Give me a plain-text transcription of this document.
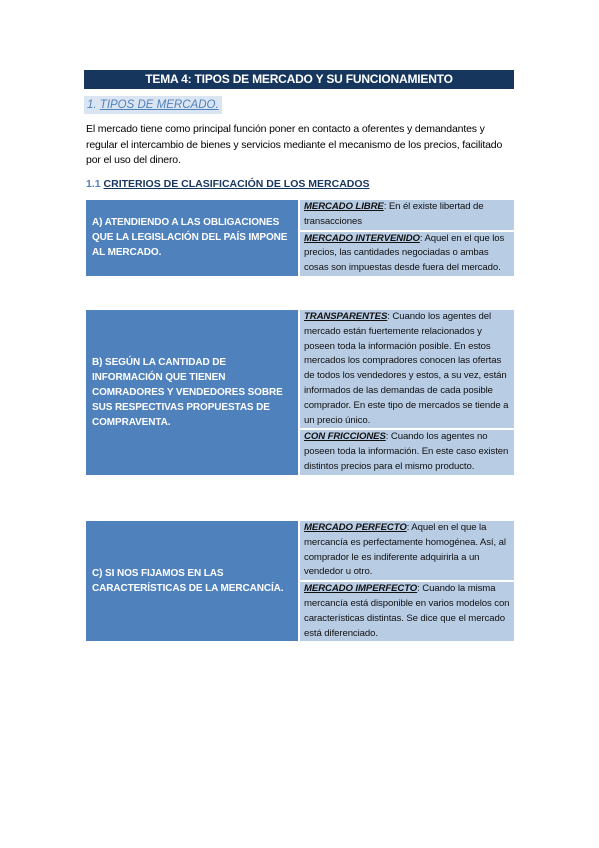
TEMA 4: TIPOS DE MERCADO Y SU FUNCIONAMIENTO
1. TIPOS DE MERCADO.
El mercado tiene como principal función poner en contacto a oferentes y demandantes y regular el intercambio de bienes y servicios mediante el mecanismo de los precios, facilitado por el uso del dinero.
1.1 CRITERIOS DE CLASIFICACIÓN DE LOS MERCADOS
A) ATENDIENDO A LAS OBLIGACIONES QUE LA LEGISLACIÓN DEL PAÍS IMPONE AL MERCADO.
MERCADO LIBRE: En él existe libertad de transacciones
MERCADO INTERVENIDO: Aquel en el que los precios, las cantidades negociadas o ambas cosas son impuestas desde fuera del mercado.
B) SEGÚN LA CANTIDAD DE INFORMACIÓN QUE TIENEN COMRADORES Y VENDEDORES SOBRE SUS RESPECTIVAS PROPUESTAS DE COMPRAVENTA.
TRANSPARENTES: Cuando los agentes del mercado están fuertemente relacionados y poseen toda la información posible. En estos mercados los compradores conocen las ofertas de todos los vendedores y estos, a su vez, están informados de las demandas de cada posible comprador. En este tipo de mercados se tiende a un precio único.
CON FRICCIONES: Cuando los agentes no poseen toda la información. En este caso existen distintos precios para el mismo producto.
C) SI NOS FIJAMOS EN LAS CARACTERÍSTICAS DE LA MERCANCÍA.
MERCADO PERFECTO: Aquel en el que la mercancía es perfectamente homogénea. Así, al comprador le es indiferente adquirirla a un vendedor u otro.
MERCADO IMPERFECTO: Cuando la misma mercancía está disponible en varios modelos con características distintas. Se dice que el mercado está diferenciado.
